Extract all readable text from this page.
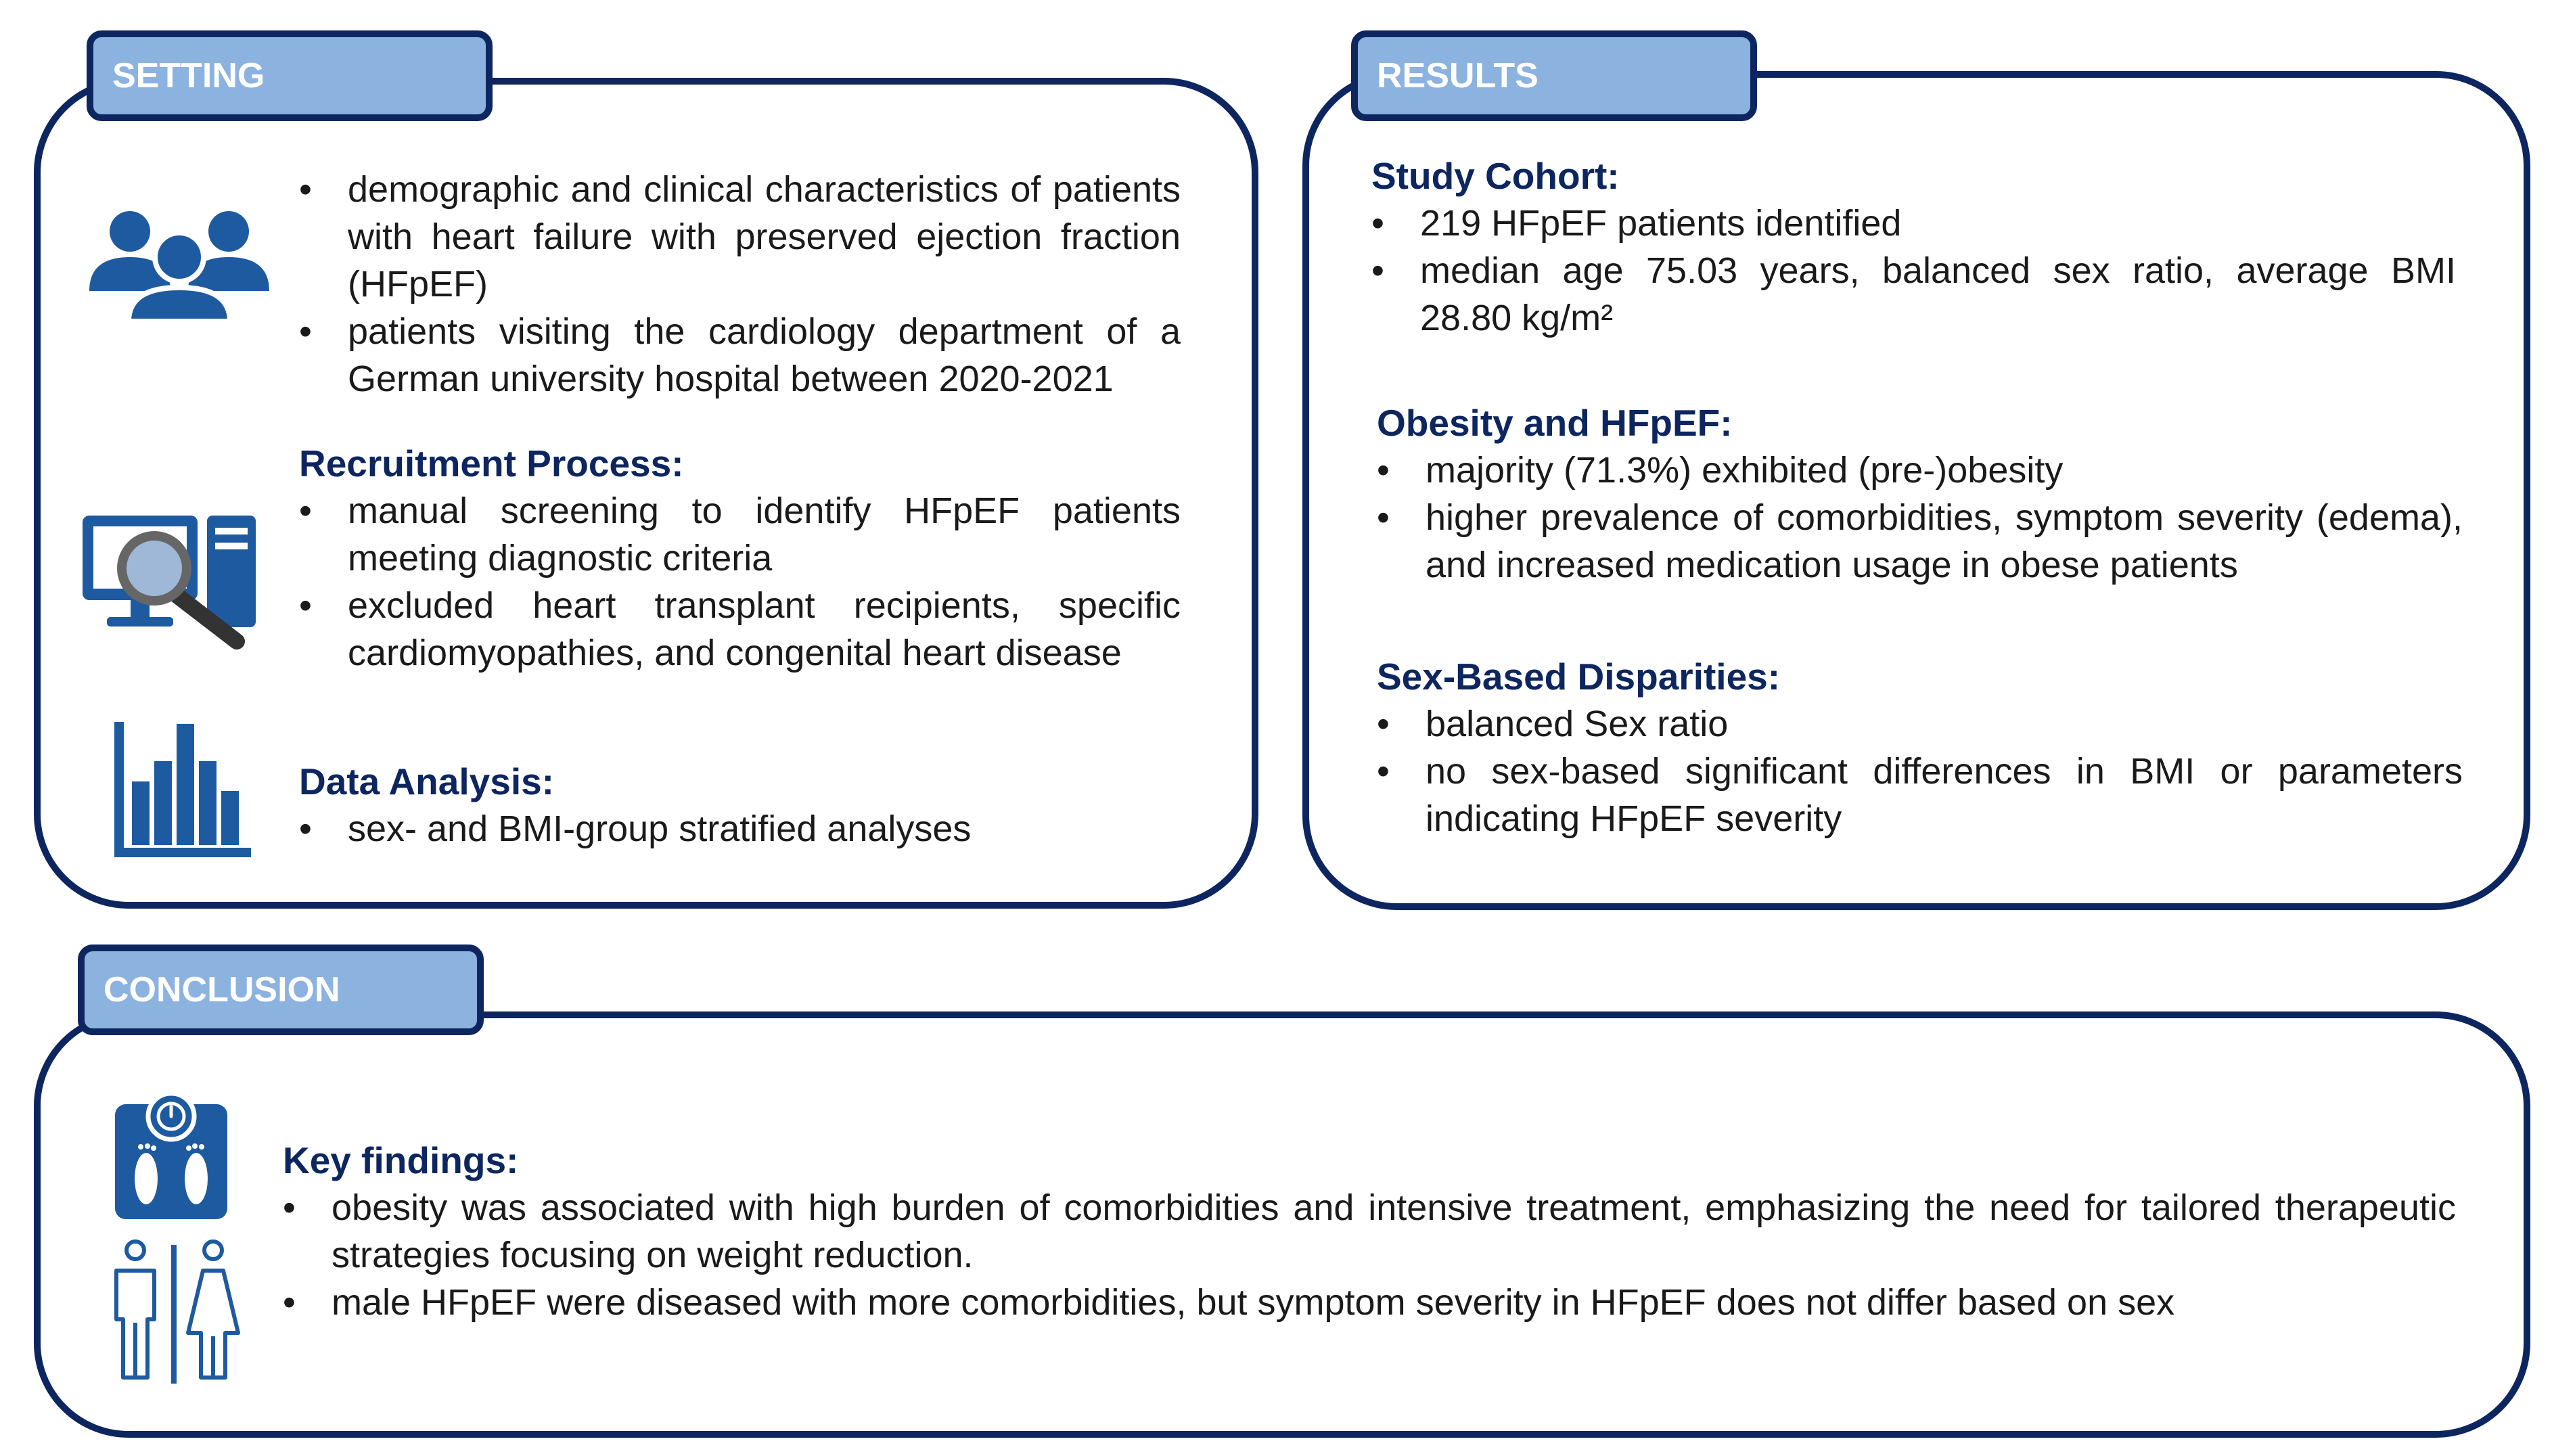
SETTING
• demographic and clinical characteristics of patients with heart failure with preserved ejection fraction (HFpEF)
• patients visiting the cardiology department of a German university hospital between 2020-2021
Recruitment Process:
• manual screening to identify HFpEF patients meeting diagnostic criteria
• excluded heart transplant recipients, specific cardiomyopathies, and congenital heart disease
Data Analysis:
• sex- and BMI-group stratified analyses
RESULTS
Study Cohort:
• 219 HFpEF patients identified
• median age 75.03 years, balanced sex ratio, average BMI 28.80 kg/m²
Obesity and HFpEF:
• majority (71.3%) exhibited (pre-)obesity
• higher prevalence of comorbidities, symptom severity (edema), and increased medication usage in obese patients
Sex-Based Disparities:
• balanced Sex ratio
• no sex-based significant differences in BMI or parameters indicating HFpEF severity
CONCLUSION
Key findings:
• obesity was associated with high burden of comorbidities and intensive treatment, emphasizing the need for tailored therapeutic strategies focusing on weight reduction.
• male HFpEF were diseased with more comorbidities, but symptom severity in HFpEF does not differ based on sex
